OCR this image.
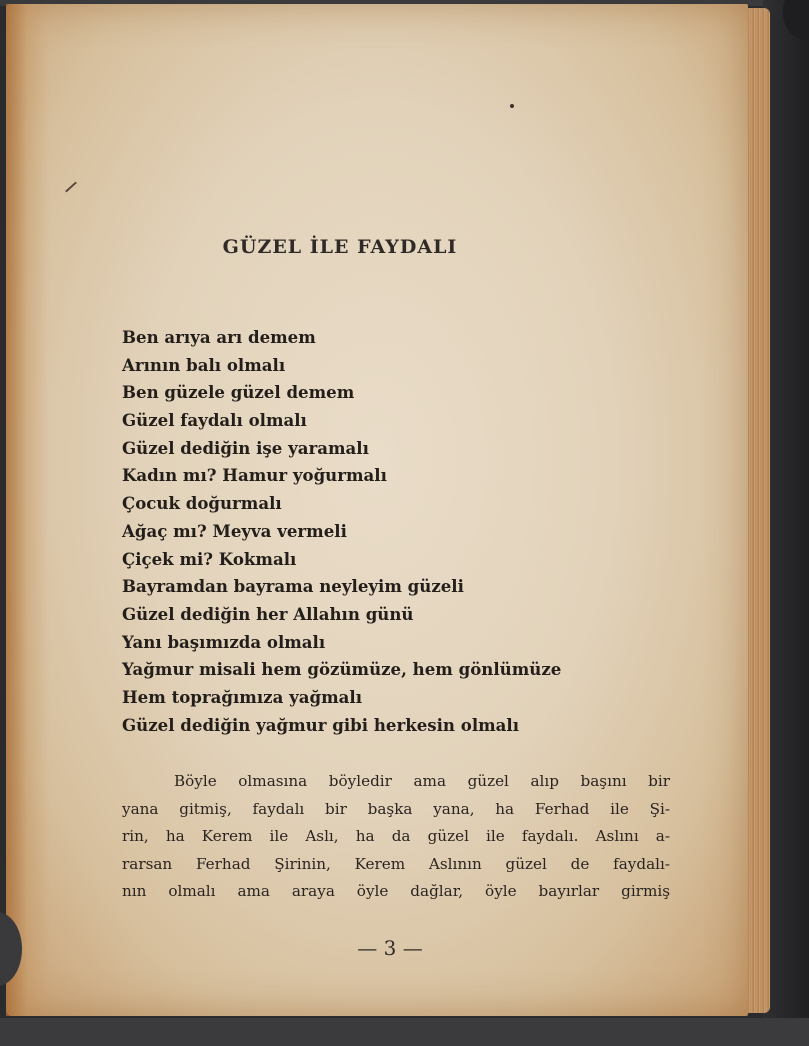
GÜZEL İLE FAYDALI
Ben arıya arı demem
Arının balı olmalı
Ben güzele güzel demem
Güzel faydalı olmalı
Güzel dediğin işe yaramalı
Kadın mı? Hamur yoğurmalı
Çocuk doğurmalı
Ağaç mı? Meyva vermeli
Çiçek mi? Kokmalı
Bayramdan bayrama neyleyim güzeli
Güzel dediğin her Allahın günü
Yanı başımızda olmalı
Yağmur misali hem gözümüze, hem gönlümüze
Hem toprağımıza yağmalı
Güzel dediğin yağmur gibi herkesin olmalı
Böyle olmasına böyledir ama güzel alıp başını bir
yana gitmiş, faydalı bir başka yana, ha Ferhad ile Şi-
rin, ha Kerem ile Aslı, ha da güzel ile faydalı. Aslını a-
rarsan Ferhad Şirinin, Kerem Aslının güzel de faydalı-
nın olmalı ama araya öyle dağlar, öyle bayırlar girmiş
— 3 —
